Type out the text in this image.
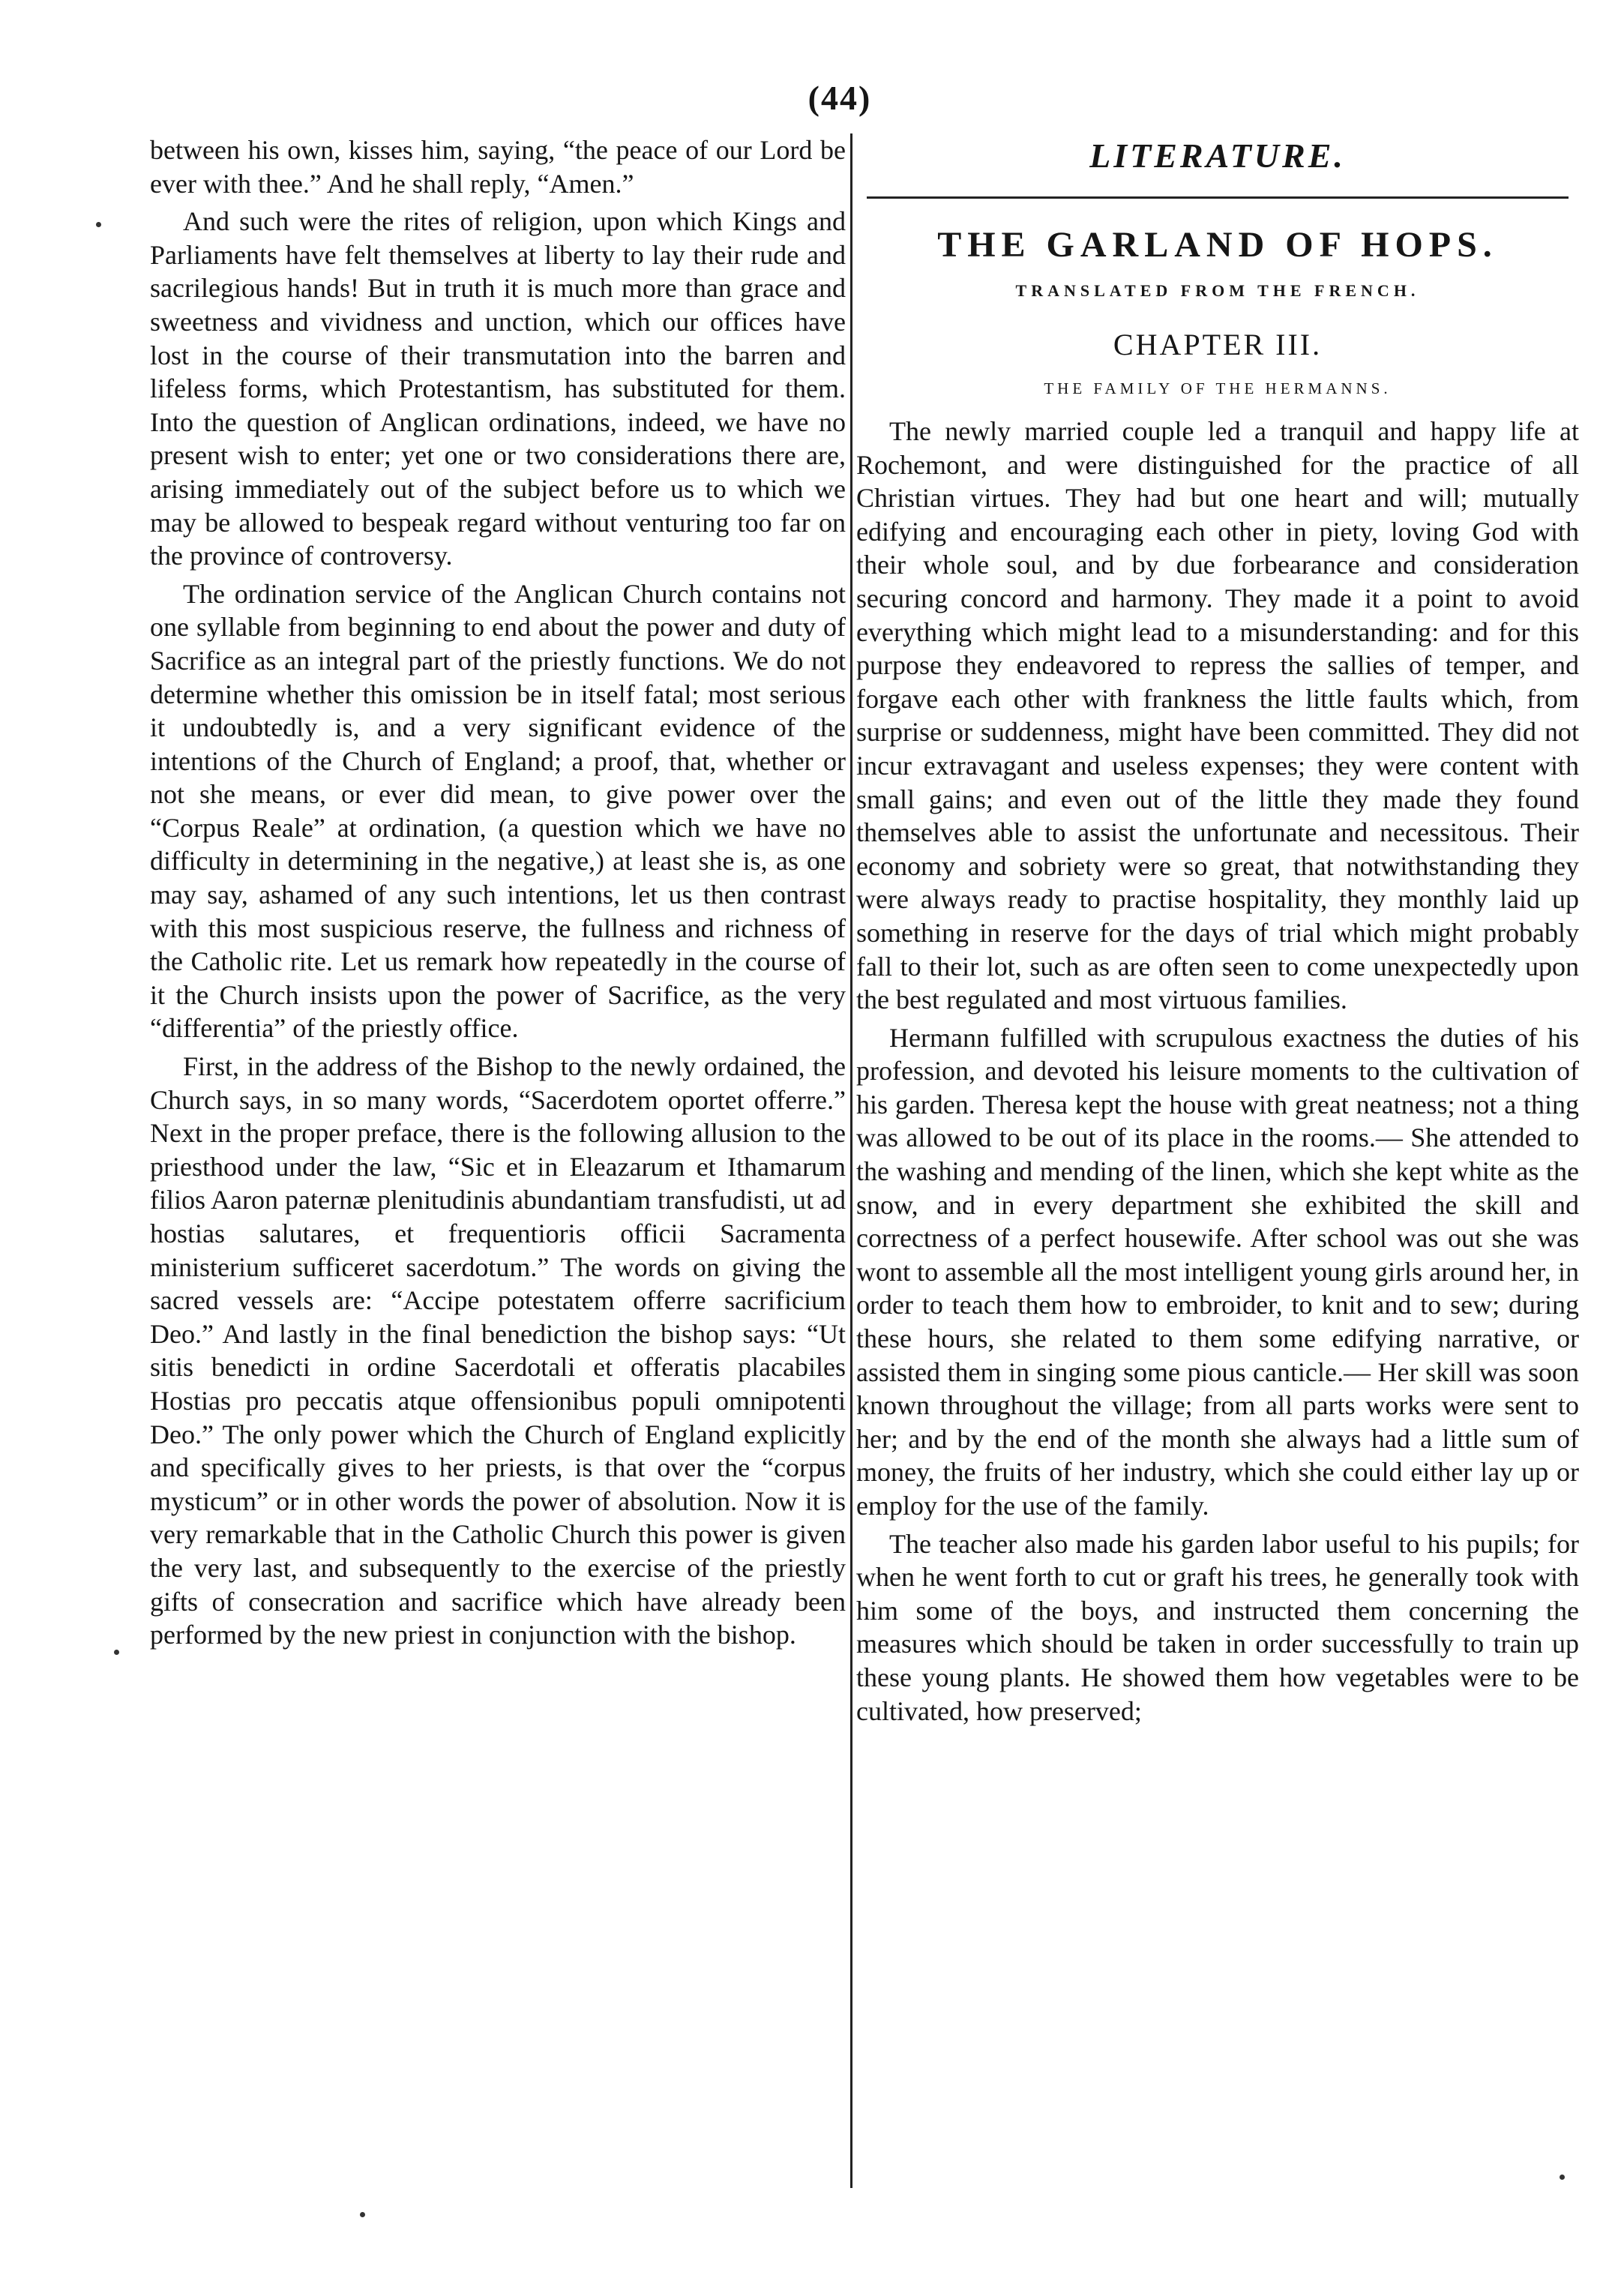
(44)

between his own, kisses him, saying, “the peace of our Lord be ever with thee.” And he shall reply, “Amen.”

And such were the rites of religion, upon which Kings and Parliaments have felt themselves at liberty to lay their rude and sacrilegious hands! But in truth it is much more than grace and sweetness and vividness and unction, which our offices have lost in the course of their transmutation into the barren and lifeless forms, which Protestantism, has substituted for them. Into the question of Anglican ordinations, indeed, we have no present wish to enter; yet one or two considerations there are, arising immediately out of the subject before us to which we may be allowed to bespeak regard without venturing too far on the province of controversy.

The ordination service of the Anglican Church contains not one syllable from beginning to end about the power and duty of Sacrifice as an integral part of the priestly functions. We do not determine whether this omission be in itself fatal; most serious it undoubtedly is, and a very significant evidence of the intentions of the Church of England; a proof, that, whether or not she means, or ever did mean, to give power over the “Corpus Reale” at ordination, (a question which we have no difficulty in determining in the negative,) at least she is, as one may say, ashamed of any such intentions, let us then contrast with this most suspicious reserve, the fullness and richness of the Catholic rite. Let us remark how repeatedly in the course of it the Church insists upon the power of Sacrifice, as the very “differentia” of the priestly office.

First, in the address of the Bishop to the newly ordained, the Church says, in so many words, “Sacerdotem oportet offerre.” Next in the proper preface, there is the following allusion to the priesthood under the law, “Sic et in Eleazarum et Ithamarum filios Aaron paternæ plenitudinis abundantiam transfudisti, ut ad hostias salutares, et frequentioris officii Sacramenta ministerium sufficeret sacerdotum.” The words on giving the sacred vessels are: “Accipe potestatem offerre sacrificium Deo.” And lastly in the final benediction the bishop says: “Ut sitis benedicti in ordine Sacerdotali et offeratis placabiles Hostias pro peccatis atque offensionibus populi omnipotenti Deo.” The only power which the Church of England explicitly and specifically gives to her priests, is that over the “corpus mysticum” or in other words the power of absolution. Now it is very remarkable that in the Catholic Church this power is given the very last, and subsequently to the exercise of the priestly gifts of consecration and sacrifice which have already been performed by the new priest in conjunction with the bishop.

LITERATURE.
THE GARLAND OF HOPS.
TRANSLATED FROM THE FRENCH.
CHAPTER III.
THE FAMILY OF THE HERMANNS.

The newly married couple led a tranquil and happy life at Rochemont, and were distinguished for the practice of all Christian virtues. They had but one heart and will; mutually edifying and encouraging each other in piety, loving God with their whole soul, and by due forbearance and consideration securing concord and harmony. They made it a point to avoid everything which might lead to a misunderstanding: and for this purpose they endeavored to repress the sallies of temper, and forgave each other with frankness the little faults which, from surprise or suddenness, might have been committed. They did not incur extravagant and useless expenses; they were content with small gains; and even out of the little they made they found themselves able to assist the unfortunate and necessitous. Their economy and sobriety were so great, that notwithstanding they were always ready to practise hospitality, they monthly laid up something in reserve for the days of trial which might probably fall to their lot, such as are often seen to come unexpectedly upon the best regulated and most virtuous families.

Hermann fulfilled with scrupulous exactness the duties of his profession, and devoted his leisure moments to the cultivation of his garden. Theresa kept the house with great neatness; not a thing was allowed to be out of its place in the rooms.— She attended to the washing and mending of the linen, which she kept white as the snow, and in every department she exhibited the skill and correctness of a perfect housewife. After school was out she was wont to assemble all the most intelligent young girls around her, in order to teach them how to embroider, to knit and to sew; during these hours, she related to them some edifying narrative, or assisted them in singing some pious canticle.— Her skill was soon known throughout the village; from all parts works were sent to her; and by the end of the month she always had a little sum of money, the fruits of her industry, which she could either lay up or employ for the use of the family.

The teacher also made his garden labor useful to his pupils; for when he went forth to cut or graft his trees, he generally took with him some of the boys, and instructed them concerning the measures which should be taken in order successfully to train up these young plants. He showed them how vegetables were to be cultivated, how preserved;
